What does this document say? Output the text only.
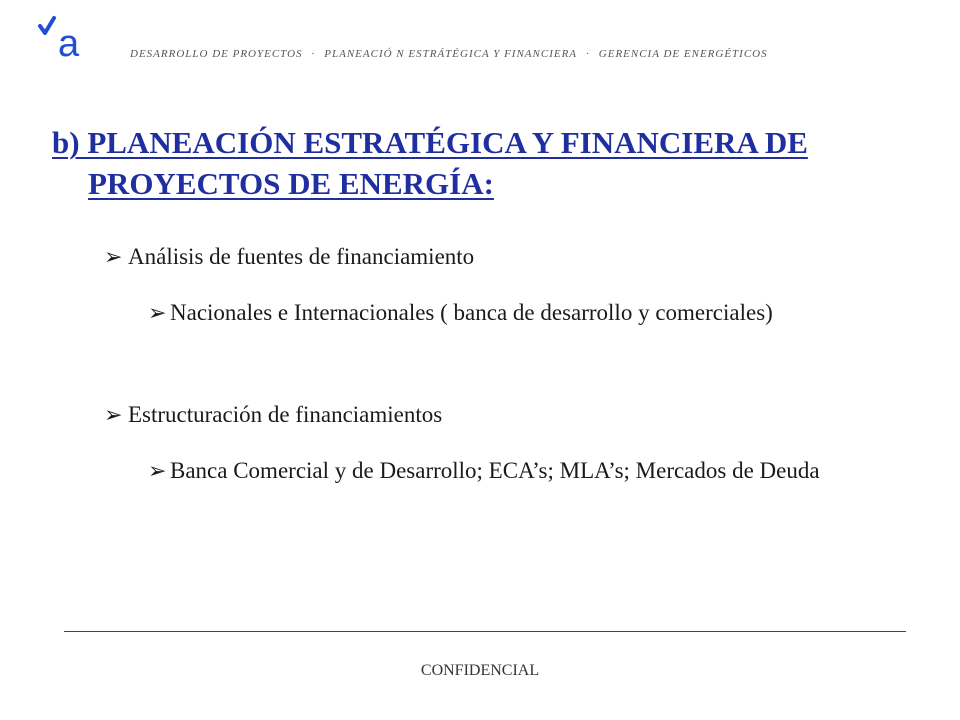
a	DESARROLLO DE PROYECTOS · PLANEACIÓ N ESTRÁTÉGICA Y FINANCIERA · GERENCIA DE ENERGÉTICOS
b) PLANEACIÓN ESTRATÉGICA Y FINANCIERA DE
PROYECTOS DE ENERGÍA:
➢ Análisis de fuentes de financiamiento
➢ Nacionales e Internacionales ( banca de desarrollo y comerciales)
➢ Estructuración de financiamientos
➢ Banca Comercial y de Desarrollo; ECA’s; MLA’s; Mercados de Deuda
CONFIDENCIAL
